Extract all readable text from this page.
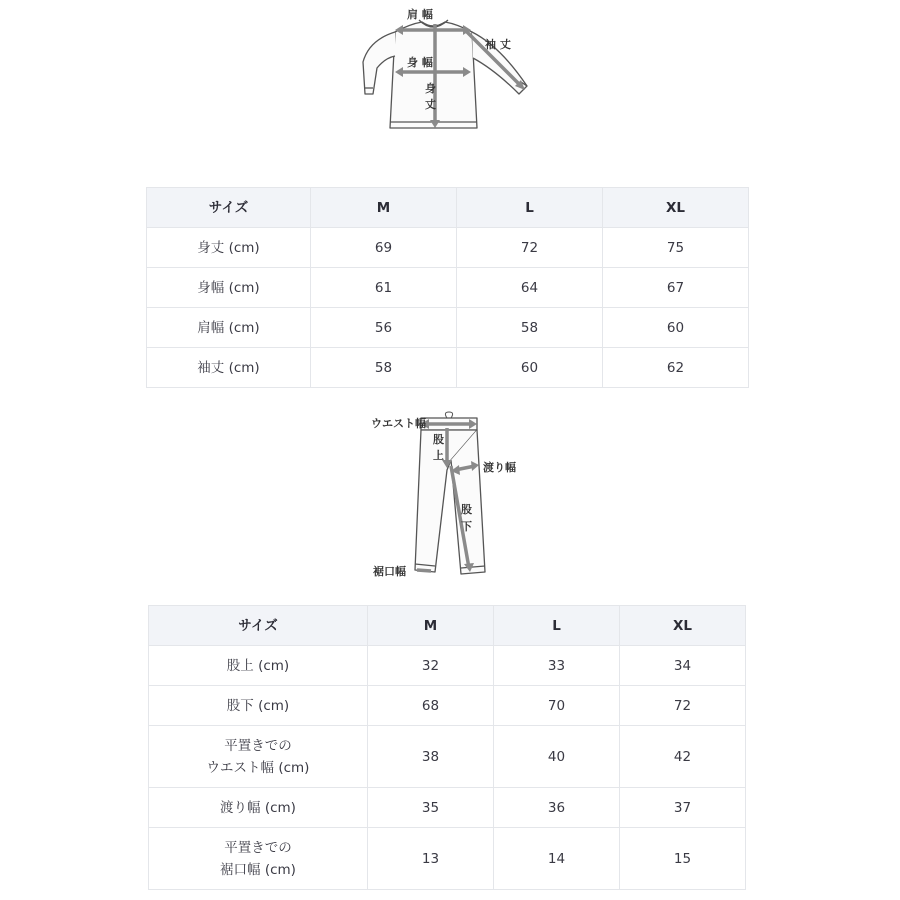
肩 幅
袖 丈
身 幅
身
丈
サイズ	M	L	XL
身丈 (cm)	69	72	75
身幅 (cm)	61	64	67
肩幅 (cm)	56	58	60
袖丈 (cm)	58	60	62
ウエスト幅
股
上
渡り幅
股
下
裾口幅
サイズ	M	L	XL

股上 (cm)	32	33	34

股下 (cm)	68	70	72

平置きでの
ウエスト幅 (cm)	38	40	42

渡り幅 (cm)	35	36	37

平置きでの
裾口幅 (cm)	13	14	15
